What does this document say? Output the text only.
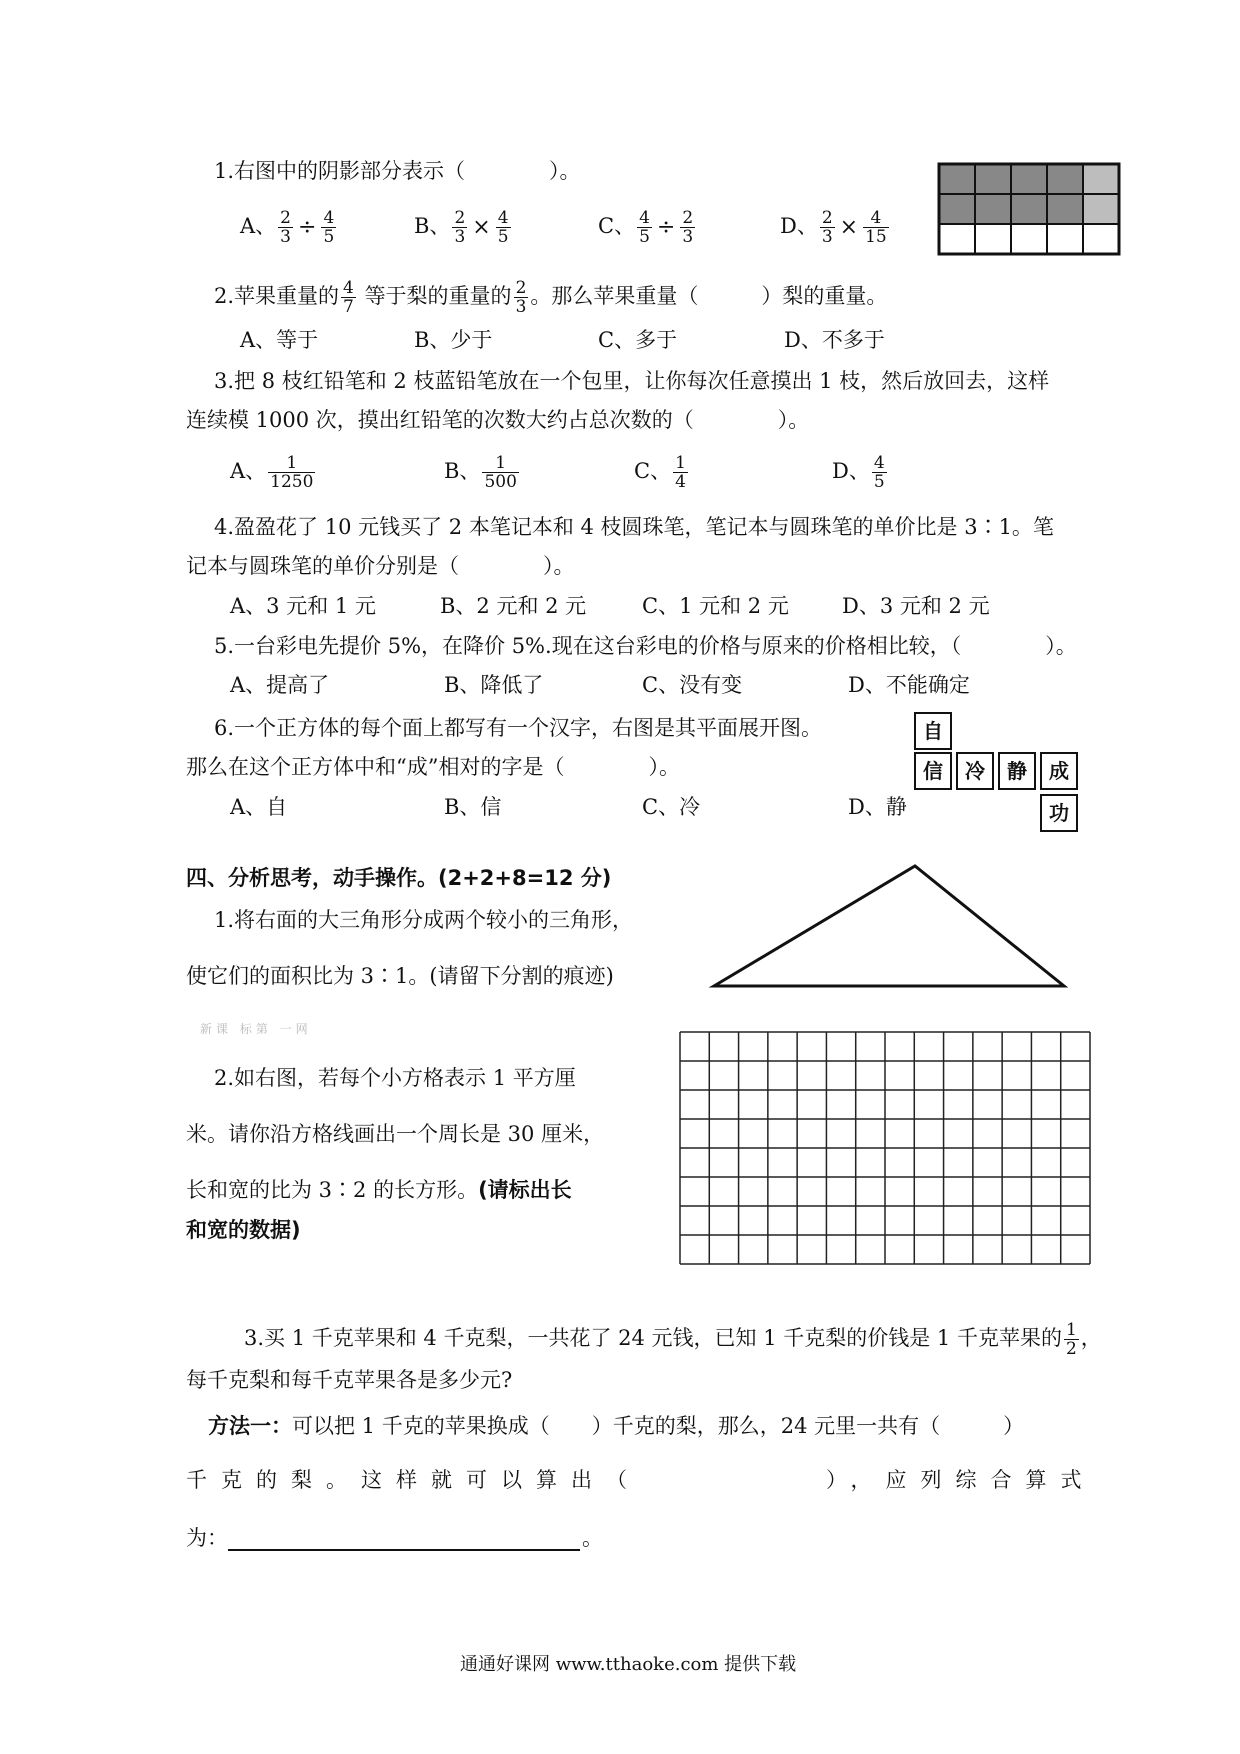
1.右图中的阴影部分表示（　　　　）。
A、 $\frac{2}{3} \div \frac{4}{5}$	B、 $\frac{2}{3} \times \frac{4}{5}$	C、 $\frac{4}{5} \div \frac{2}{3}$	D、 $\frac{2}{3} \times \frac{4}{15}$
2.苹果重量的 $\frac{4}{7}$ 等于梨的重量的 $\frac{2}{3}$ 。那么苹果重量（　　　）梨的重量。
A、等于	B、少于	C、多于	D、不多于
3.把 8 枝红铅笔和 2 枝蓝铅笔放在一个包里，让你每次任意摸出 1 枝，然后放回去，这样
连续模 1000 次，摸出红铅笔的次数大约占总次数的（　　　　）。
A、 $\frac{1}{1250}$	B、 $\frac{1}{500}$	C、 $\frac{1}{4}$	D、 $\frac{4}{5}$
4.盈盈花了 10 元钱买了 2 本笔记本和 4 枝圆珠笔，笔记本与圆珠笔的单价比是 3∶1。笔
记本与圆珠笔的单价分别是（　　　　）。
A、3 元和 1 元	B、2 元和 2 元	C、1 元和 2 元	D、3 元和 2 元
5.一台彩电先提价 5%，在降价 5%.现在这台彩电的价格与原来的价格相比较，（　　　　）。
A、提高了	B、降低了	C、没有变	D、不能确定
6.一个正方体的每个面上都写有一个汉字，右图是其平面展开图。
那么在这个正方体中和“成”相对的字是（　　　　）。
A、自	B、信	C、冷	D、静
自
信	冷	静	成
功
四、分析思考，动手操作。(2+2+8=12 分)
1.将右面的大三角形分成两个较小的三角形，
使它们的面积比为 3∶1。(请留下分割的痕迹)
新课 标第 一网
2.如右图，若每个小方格表示 1 平方厘
米。请你沿方格线画出一个周长是 30 厘米，
长和宽的比为 3∶2 的长方形。(请标出长
和宽的数据)
3.买 1 千克苹果和 4 千克梨，一共花了 24 元钱，已知 1 千克梨的价钱是 1 千克苹果的 $\frac{1}{2}$ ，
每千克梨和每千克苹果各是多少元?
方法一：可以把 1 千克的苹果换成（　　）千克的梨，那么，24 元里一共有（　　　）
千克的梨。这样就可以算出（	），应列综合算式
为：	。
通通好课网 www.tthaoke.com 提供下载
